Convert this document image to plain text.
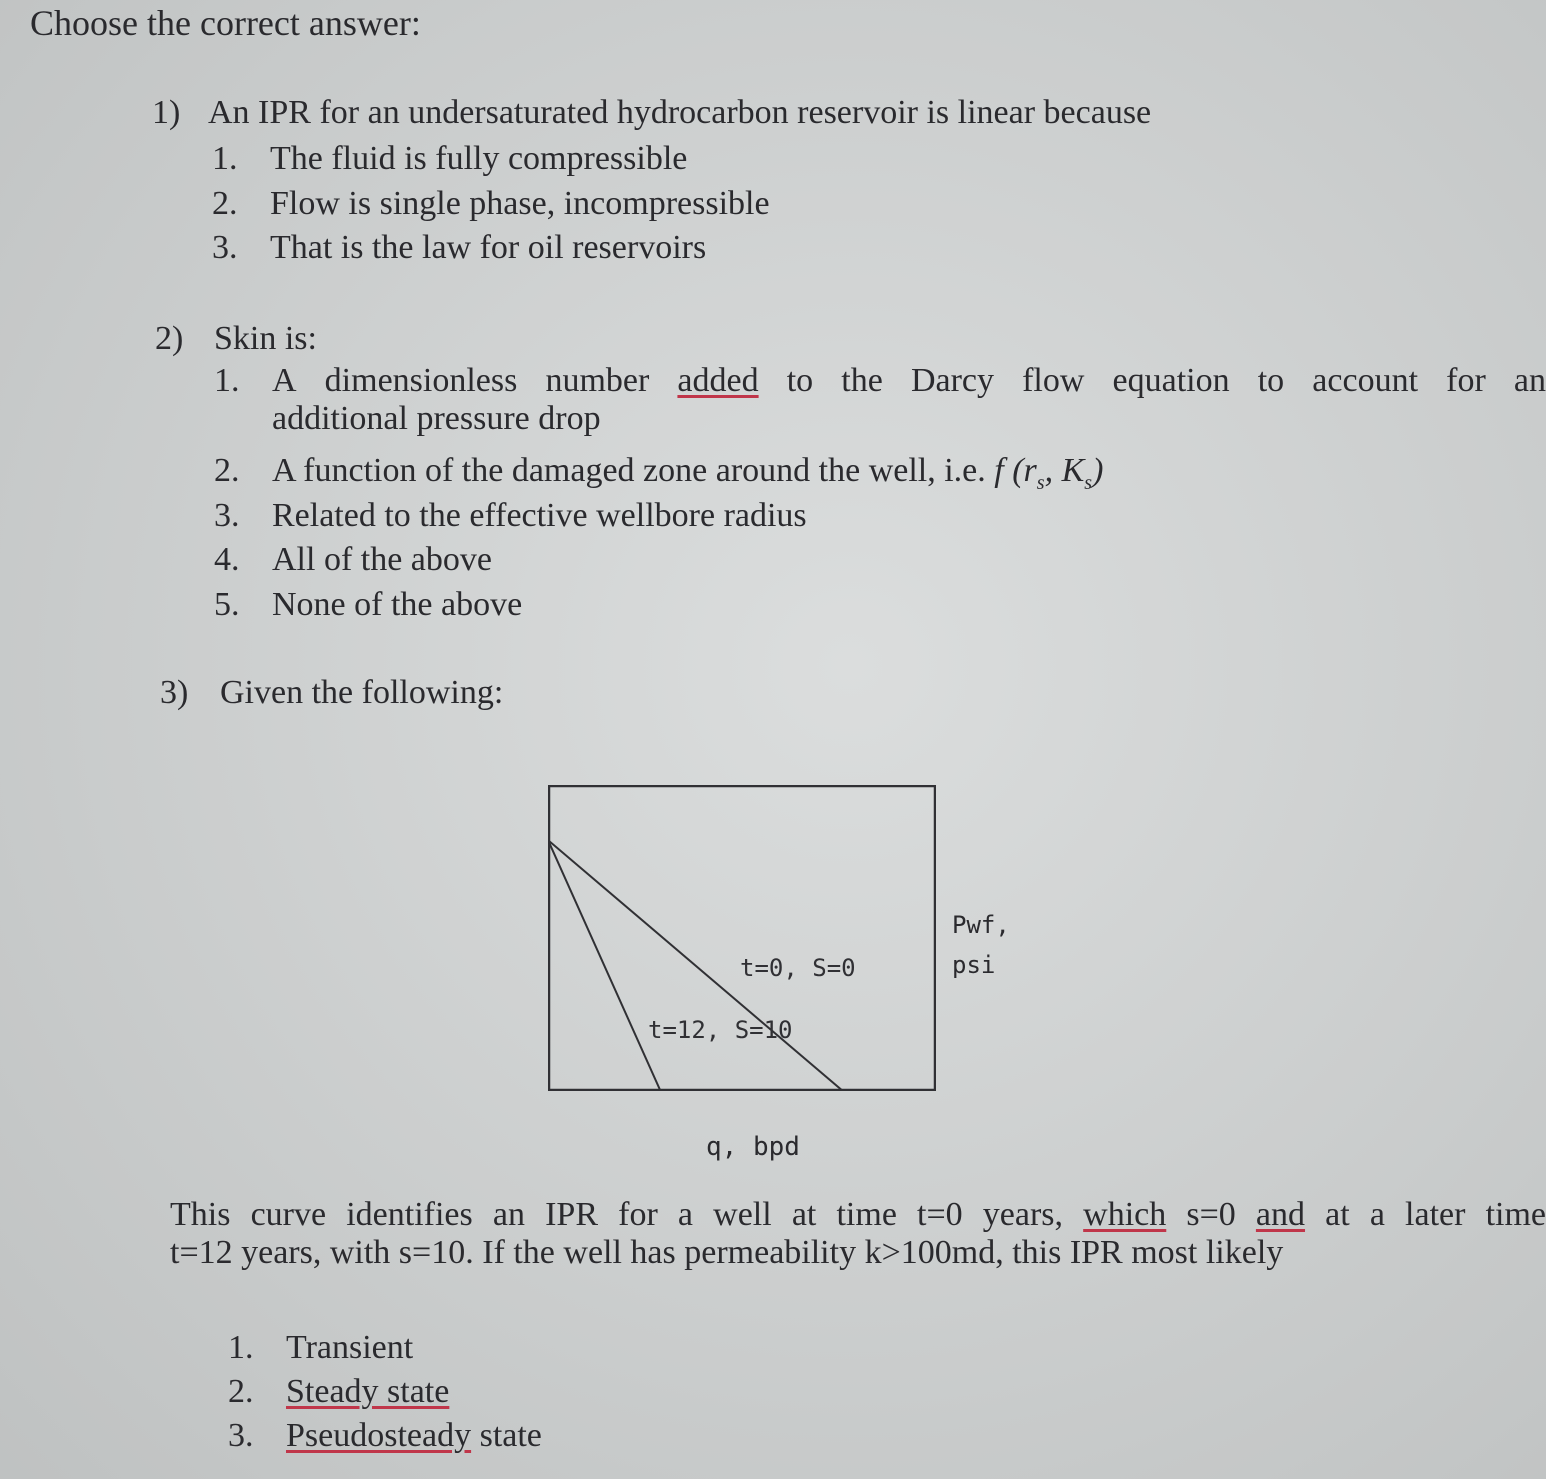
Choose the correct answer:
1) An IPR for an undersaturated hydrocarbon reservoir is linear because
1. The fluid is fully compressible
2. Flow is single phase, incompressible
3. That is the law for oil reservoirs
2) Skin is:
1. A dimensionless number added to the Darcy flow equation to account for an
additional pressure drop
2. A function of the damaged zone around the well, i.e. f ($r_s$, $K_s$)
3. Related to the effective wellbore radius
4. All of the above
5. None of the above
3) Given the following:
t=0, S=0
t=12, S=10
Pwf,
psi
q, bpd
This curve identifies an IPR for a well at time t=0 years, which s=0 and at a later time
t=12 years, with s=10. If the well has permeability k>100md, this IPR most likely
1. Transient
2. Steady state
3. Pseudosteady state
